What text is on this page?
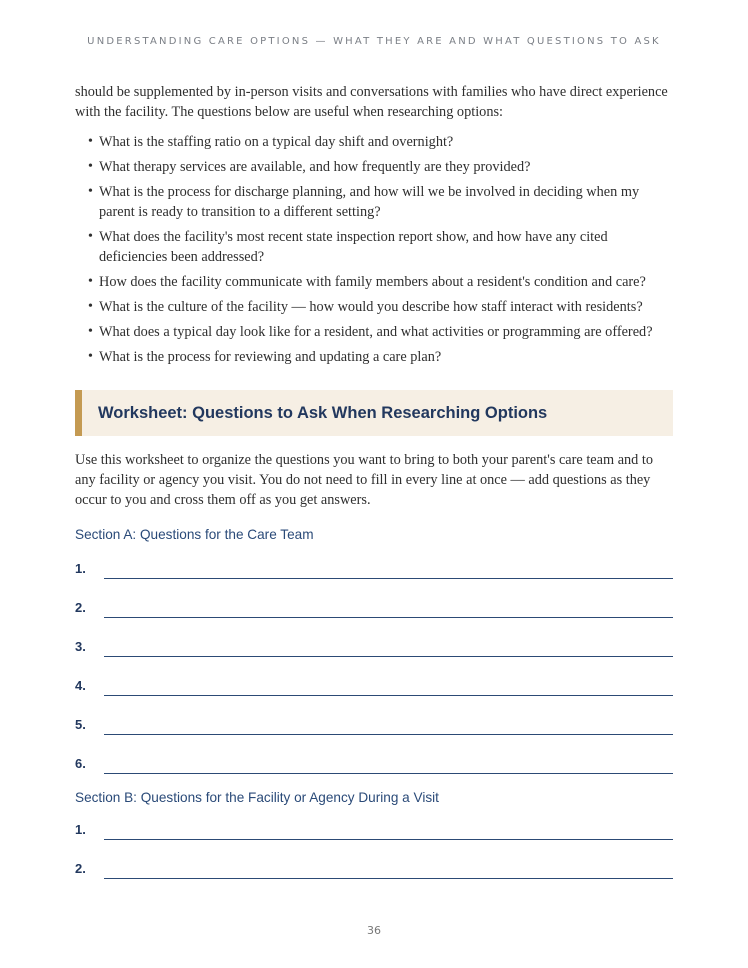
UNDERSTANDING CARE OPTIONS — WHAT THEY ARE AND WHAT QUESTIONS TO ASK

should be supplemented by in-person visits and conversations with families who have direct experience with the facility. The questions below are useful when researching options:

• What is the staffing ratio on a typical day shift and overnight?
• What therapy services are available, and how frequently are they provided?
• What is the process for discharge planning, and how will we be involved in deciding when my parent is ready to transition to a different setting?
• What does the facility's most recent state inspection report show, and how have any cited deficiencies been addressed?
• How does the facility communicate with family members about a resident's condition and care?
• What is the culture of the facility — how would you describe how staff interact with residents?
• What does a typical day look like for a resident, and what activities or programming are offered?
• What is the process for reviewing and updating a care plan?
Worksheet: Questions to Ask When Researching Options

Use this worksheet to organize the questions you want to bring to both your parent's care team and to any facility or agency you visit. You do not need to fill in every line at once — add questions as they occur to you and cross them off as you get answers.

Section A: Questions for the Care Team

1.
2.
3.
4.
5.
6.

Section B: Questions for the Facility or Agency During a Visit

1.
2.
36
